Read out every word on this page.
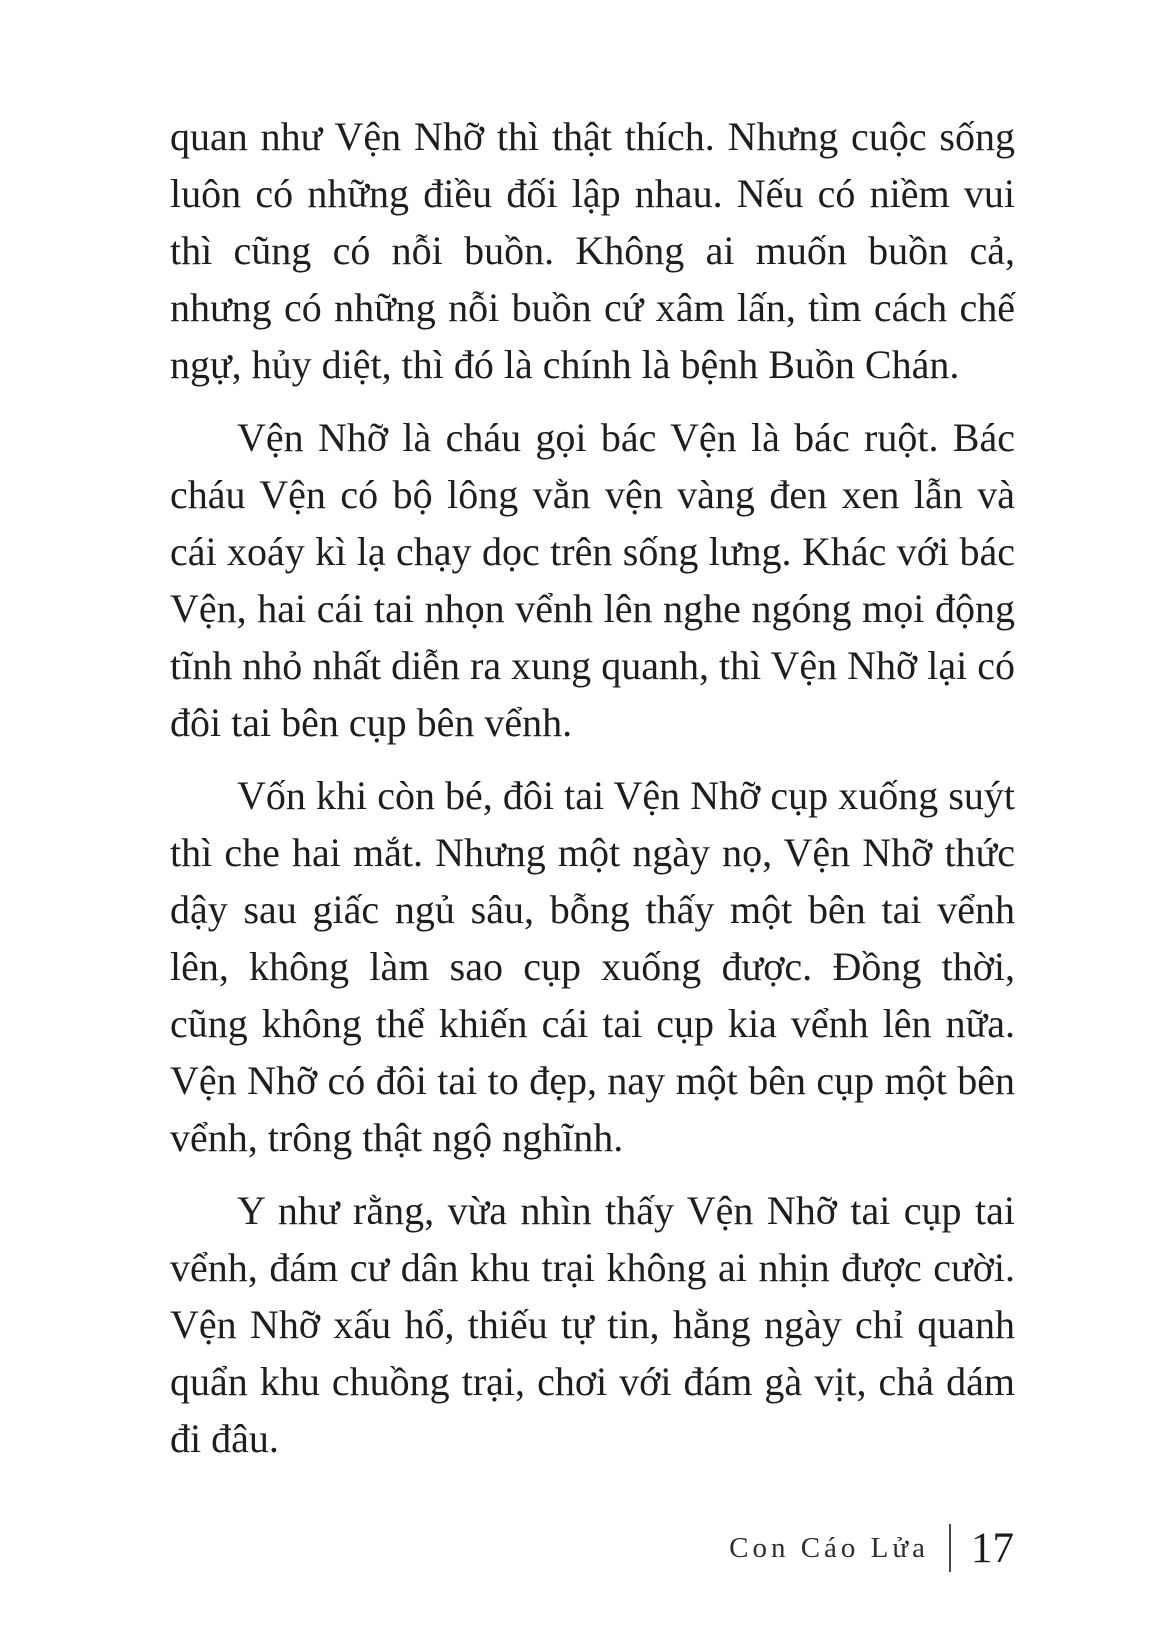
quan như Vện Nhỡ thì thật thích. Nhưng cuộc sống luôn có những điều đối lập nhau. Nếu có niềm vui thì cũng có nỗi buồn. Không ai muốn buồn cả, nhưng có những nỗi buồn cứ xâm lấn, tìm cách chế ngự, hủy diệt, thì đó là chính là bệnh Buồn Chán.

Vện Nhỡ là cháu gọi bác Vện là bác ruột. Bác cháu Vện có bộ lông vằn vện vàng đen xen lẫn và cái xoáy kì lạ chạy dọc trên sống lưng. Khác với bác Vện, hai cái tai nhọn vểnh lên nghe ngóng mọi động tĩnh nhỏ nhất diễn ra xung quanh, thì Vện Nhỡ lại có đôi tai bên cụp bên vểnh.

Vốn khi còn bé, đôi tai Vện Nhỡ cụp xuống suýt thì che hai mắt. Nhưng một ngày nọ, Vện Nhỡ thức dậy sau giấc ngủ sâu, bỗng thấy một bên tai vểnh lên, không làm sao cụp xuống được. Đồng thời, cũng không thể khiến cái tai cụp kia vểnh lên nữa. Vện Nhỡ có đôi tai to đẹp, nay một bên cụp một bên vểnh, trông thật ngộ nghĩnh.

Y như rằng, vừa nhìn thấy Vện Nhỡ tai cụp tai vểnh, đám cư dân khu trại không ai nhịn được cười. Vện Nhỡ xấu hổ, thiếu tự tin, hằng ngày chỉ quanh quẩn khu chuồng trại, chơi với đám gà vịt, chả dám đi đâu.

Con Cáo Lửa 17
